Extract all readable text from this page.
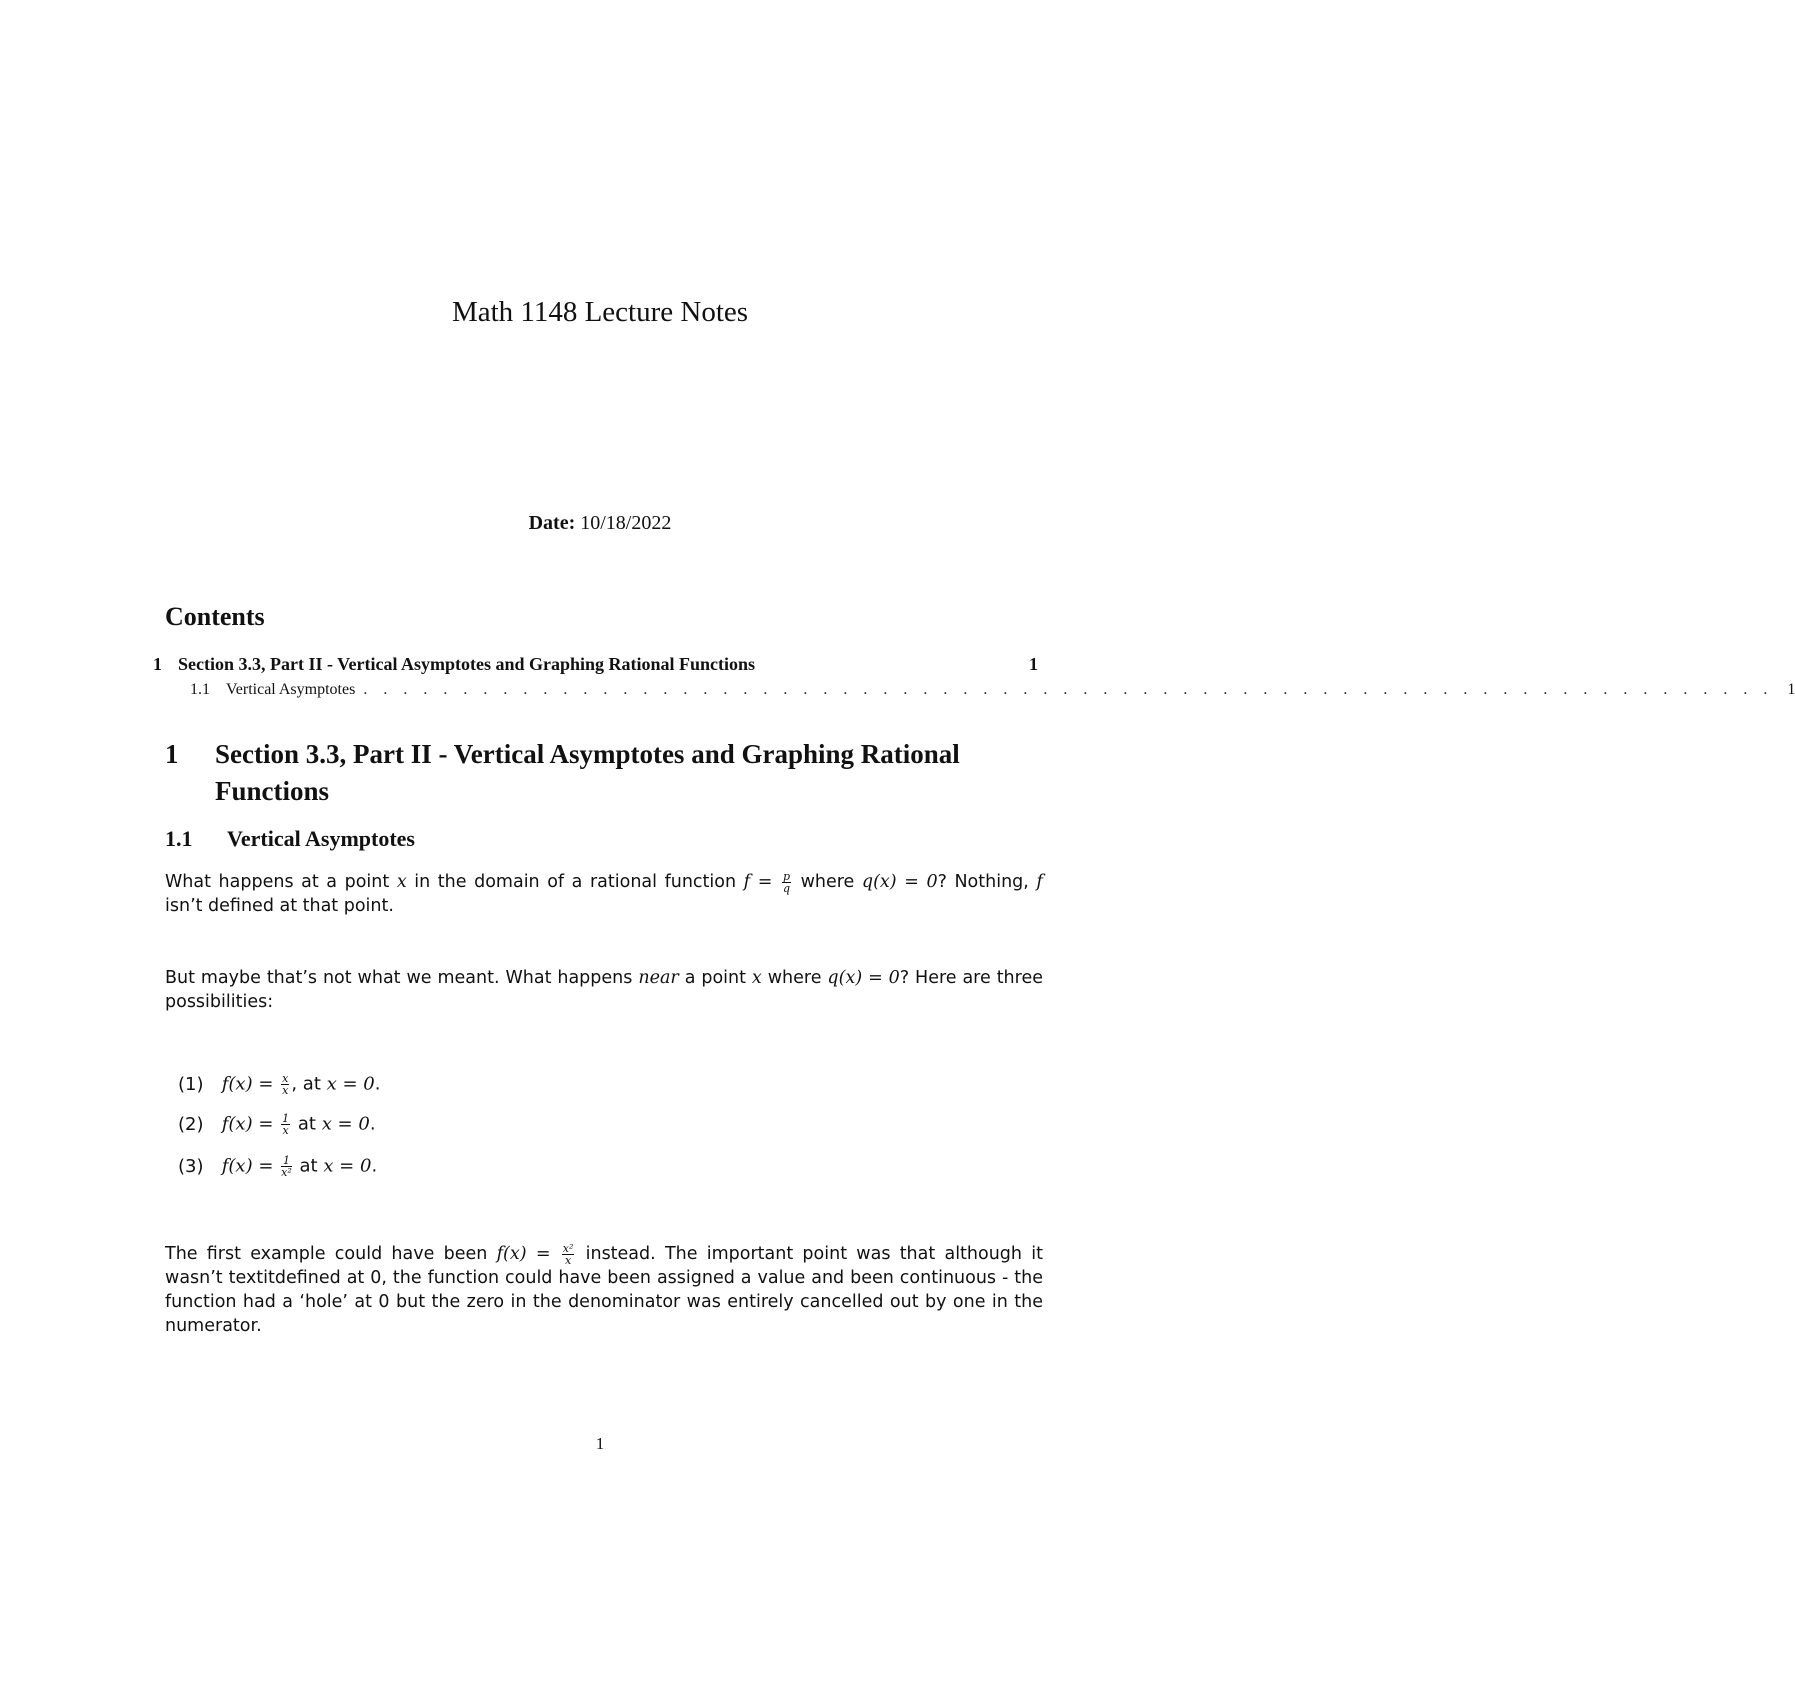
Math 1148 Lecture Notes
Date: 10/18/2022
Contents
1 Section 3.3, Part II - Vertical Asymptotes and Graphing Rational Functions	1
1.1 Vertical Asymptotes . . . . . . . . . . . . . . . . . . . . . . . . . . . . . . . . . . . . . . . . . . . . . . . . . . . . . . . . . . . . . . . . . . . . . . . 1
1	Section 3.3, Part II - Vertical Asymptotes and Graphing Rational Functions
1.1	Vertical Asymptotes
What happens at a point x in the domain of a rational function $f = \frac{p}{q}$ where q(x) = 0? Nothing, f isn’t defined at that point.
But maybe that’s not what we meant. What happens near a point x where q(x) = 0? Here are three possibilities:
(1) $f(x) = \frac{x}{x}$ , at x = 0.
(2) $f(x) = \frac{1}{x}$ at x = 0.
(3) $f(x) = \frac{1}{\text{x²}}$ at x = 0.
The first example could have been $f(x) = \frac{\text{x²}}{x}$ instead. The important point was that although it wasn’t textitdefined at 0, the function could have been assigned a value and been continuous - the function had a ‘hole’ at 0 but the zero in the denominator was entirely cancelled out by one in the numerator.
1
